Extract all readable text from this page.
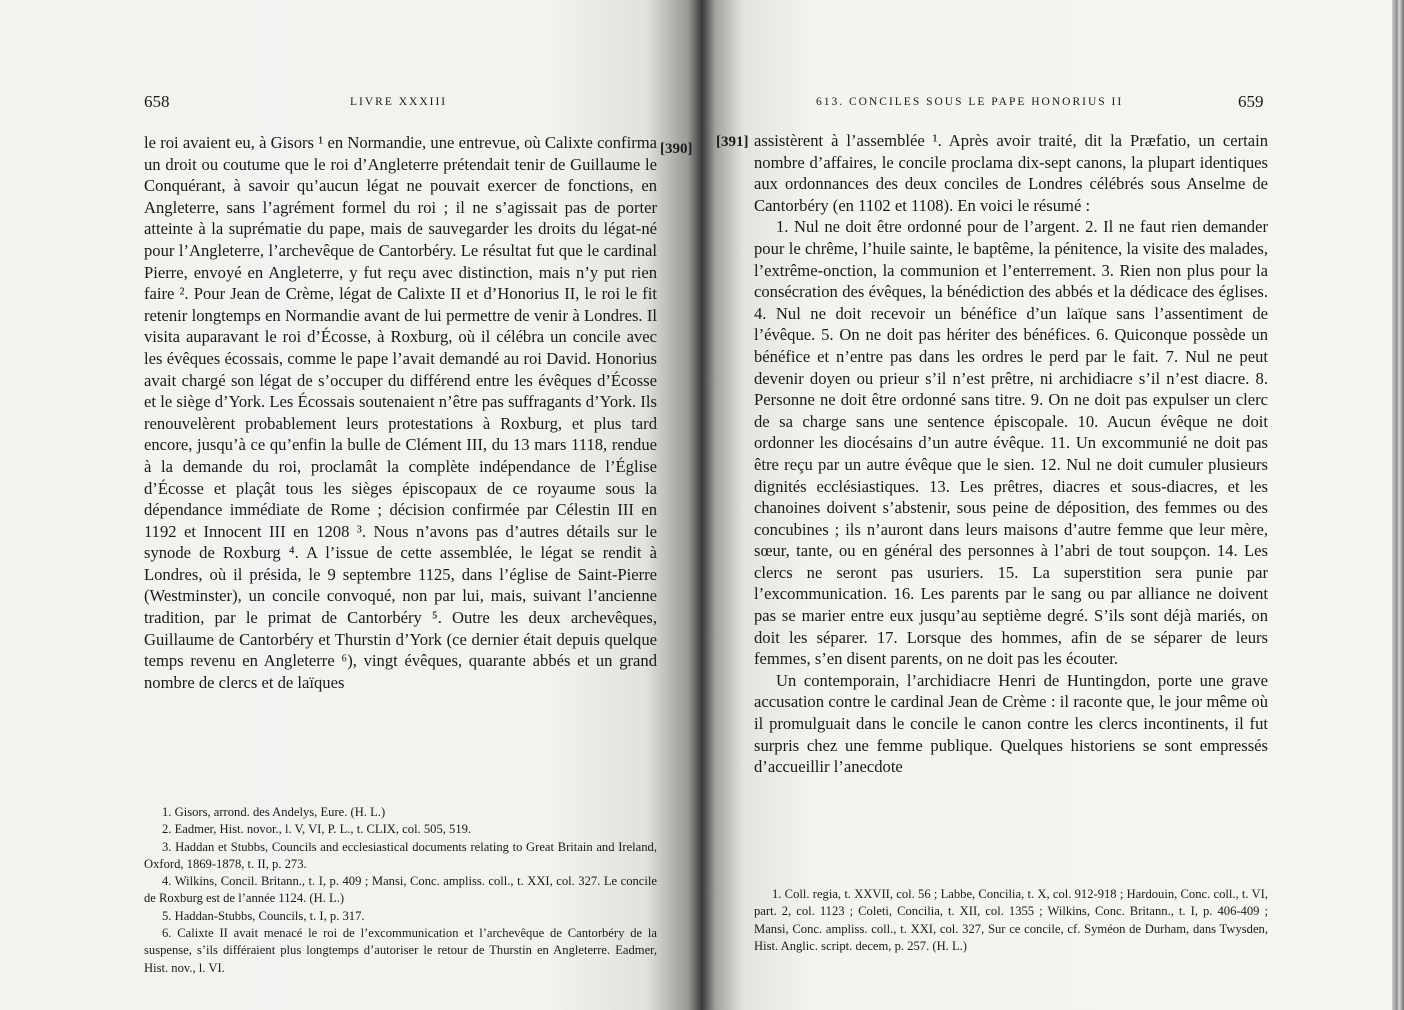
658	LIVRE XXXIII
[390]

le roi avaient eu, à Gisors ¹ en Normandie, une entrevue, où Calixte confirma un droit ou coutume que le roi d’Angleterre prétendait tenir de Guillaume le Conquérant, à savoir qu’aucun légat ne pouvait exercer de fonctions, en Angleterre, sans l’agrément formel du roi ; il ne s’agissait pas de porter atteinte à la suprématie du pape, mais de sauvegarder les droits du légat-né pour l’Angleterre, l’archevêque de Cantorbéry. Le résultat fut que le cardinal Pierre, envoyé en Angleterre, y fut reçu avec distinction, mais n’y put rien faire ². Pour Jean de Crème, légat de Calixte II et d’Honorius II, le roi le fit retenir longtemps en Normandie avant de lui permettre de venir à Londres. Il visita auparavant le roi d’Écosse, à Roxburg, où il célébra un concile avec les évêques écossais, comme le pape l’avait demandé au roi David. Honorius avait chargé son légat de s’occuper du différend entre les évêques d’Écosse et le siège d’York. Les Écossais soutenaient n’être pas suffragants d’York. Ils renouvelèrent probablement leurs protestations à Roxburg, et plus tard encore, jusqu’à ce qu’enfin la bulle de Clément III, du 13 mars 1118, rendue à la demande du roi, proclamât la complète indépendance de l’Église d’Écosse et plaçât tous les sièges épiscopaux de ce royaume sous la dépendance immédiate de Rome ; décision confirmée par Célestin III en 1192 et Innocent III en 1208 ³. Nous n’avons pas d’autres détails sur le synode de Roxburg ⁴. A l’issue de cette assemblée, le légat se rendit à Londres, où il présida, le 9 septembre 1125, dans l’église de Saint-Pierre (Westminster), un concile convoqué, non par lui, mais, suivant l’ancienne tradition, par le primat de Cantorbéry ⁵. Outre les deux archevêques, Guillaume de Cantorbéry et Thurstin d’York (ce dernier était depuis quelque temps revenu en Angleterre ⁶), vingt évêques, quarante abbés et un grand nombre de clercs et de laïques

1. Gisors, arrond. des Andelys, Eure. (H. L.)

2. Eadmer, Hist. novor., l. V, VI, P. L., t. CLIX, col. 505, 519.

3. Haddan et Stubbs, Councils and ecclesiastical documents relating to Great Britain and Ireland, Oxford, 1869-1878, t. II, p. 273.

4. Wilkins, Concil. Britann., t. I, p. 409 ; Mansi, Conc. ampliss. coll., t. XXI, col. 327. Le concile de Roxburg est de l’année 1124. (H. L.)

5. Haddan-Stubbs, Councils, t. I, p. 317.

6. Calixte II avait menacé le roi de l’excommunication et l’archevêque de Cantorbéry de la suspense, s’ils différaient plus longtemps d’autoriser le retour de Thurstin en Angleterre. Eadmer, Hist. nov., l. VI.

613. CONCILES SOUS LE PAPE HONORIUS II	659
[391] assistèrent à l’assemblée ¹. Après avoir traité, dit la Præfatio, un certain nombre d’affaires, le concile proclama dix-sept canons, la plupart identiques aux ordonnances des deux conciles de Londres célébrés sous Anselme de Cantorbéry (en 1102 et 1108). En voici le résumé :

1. Nul ne doit être ordonné pour de l’argent. 2. Il ne faut rien demander pour le chrême, l’huile sainte, le baptême, la pénitence, la visite des malades, l’extrême-onction, la communion et l’enterrement. 3. Rien non plus pour la consécration des évêques, la bénédiction des abbés et la dédicace des églises. 4. Nul ne doit recevoir un bénéfice d’un laïque sans l’assentiment de l’évêque. 5. On ne doit pas hériter des bénéfices. 6. Quiconque possède un bénéfice et n’entre pas dans les ordres le perd par le fait. 7. Nul ne peut devenir doyen ou prieur s’il n’est prêtre, ni archidiacre s’il n’est diacre. 8. Personne ne doit être ordonné sans titre. 9. On ne doit pas expulser un clerc de sa charge sans une sentence épiscopale. 10. Aucun évêque ne doit ordonner les diocésains d’un autre évêque. 11. Un excommunié ne doit pas être reçu par un autre évêque que le sien. 12. Nul ne doit cumuler plusieurs dignités ecclésiastiques. 13. Les prêtres, diacres et sous-diacres, et les chanoines doivent s’abstenir, sous peine de déposition, des femmes ou des concubines ; ils n’auront dans leurs maisons d’autre femme que leur mère, sœur, tante, ou en général des personnes à l’abri de tout soupçon. 14. Les clercs ne seront pas usuriers. 15. La superstition sera punie par l’excommunication. 16. Les parents par le sang ou par alliance ne doivent pas se marier entre eux jusqu’au septième degré. S’ils sont déjà mariés, on doit les séparer. 17. Lorsque des hommes, afin de se séparer de leurs femmes, s’en disent parents, on ne doit pas les écouter.

Un contemporain, l’archidiacre Henri de Huntingdon, porte une grave accusation contre le cardinal Jean de Crème : il raconte que, le jour même où il promulguait dans le concile le canon contre les clercs incontinents, il fut surpris chez une femme publique. Quelques historiens se sont empressés d’accueillir l’anecdote

1. Coll. regia, t. XXVII, col. 56 ; Labbe, Concilia, t. X, col. 912-918 ; Hardouin, Conc. coll., t. VI, part. 2, col. 1123 ; Coleti, Concilia, t. XII, col. 1355 ; Wilkins, Conc. Britann., t. I, p. 406-409 ; Mansi, Conc. ampliss. coll., t. XXI, col. 327, Sur ce concile, cf. Syméon de Durham, dans Twysden, Hist. Anglic. script. decem, p. 257. (H. L.)
